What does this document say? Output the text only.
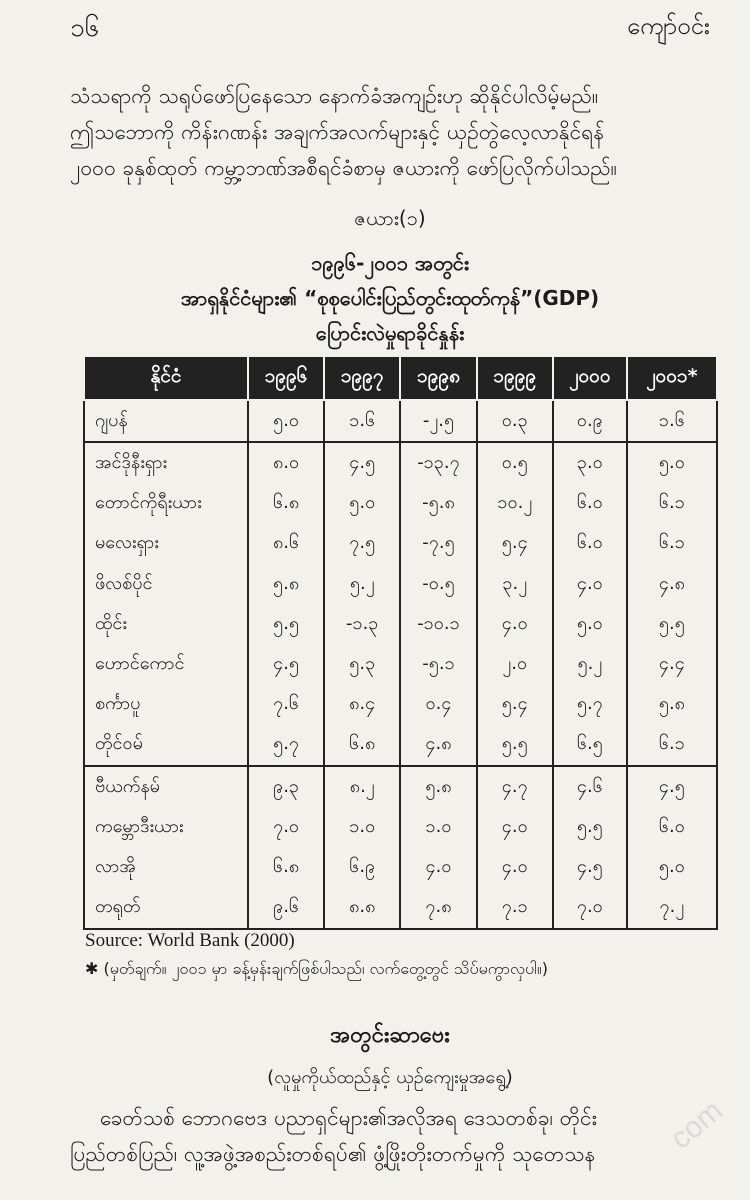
၁၆	ကျော်ဝင်း

သံသရာကို သရုပ်ဖော်ပြနေသော နောက်ခံအကျဉ်းဟု ဆိုနိုင်ပါလိမ့်မည်။

ဤသဘောကို ကိန်းဂဏန်း အချက်အလက်များနှင့် ယှဉ်တွဲလေ့လာနိုင်ရန်

၂၀၀၀ ခုနှစ်ထုတ် ကမ္ဘာ့ဘဏ်အစီရင်ခံစာမှ ဇယားကို ဖော်ပြလိုက်ပါသည်။

ဇယား(၁)
၁၉၉၆-၂၀၀၁ အတွင်း
အာရှနိုင်ငံများ၏ “စုစုပေါင်းပြည်တွင်းထုတ်ကုန်”(GDP)
ပြောင်းလဲမှုရာခိုင်နှုန်း
နိုင်ငံ	၁၉၉၆	၁၉၉၇	၁၉၉၈	၁၉၉၉	၂၀၀၀	၂၀၀၁*
ဂျပန်	၅.၀	၁.၆	-၂.၅	၀.၃	၀.၉	၁.၆
အင်ဒိုနီးရှား	၈.၀	၄.၅	-၁၃.၇	၀.၅	၃.၀	၅.၀
တောင်ကိုရီးယား	၆.၈	၅.၀	-၅.၈	၁၀.၂	၆.၀	၆.၁
မလေးရှား	၈.၆	၇.၅	-၇.၅	၅.၄	၆.၀	၆.၁
ဖိလစ်ပိုင်	၅.၈	၅.၂	-၀.၅	၃.၂	၄.၀	၄.၈
ထိုင်း	၅.၅	-၁.၃	-၁၀.၁	၄.၀	၅.၀	၅.၅
ဟောင်ကောင်	၄.၅	၅.၃	-၅.၁	၂.၀	၅.၂	၄.၄
စင်္ကာပူ	၇.၆	၈.၄	၀.၄	၅.၄	၅.၇	၅.၈
တိုင်ဝမ်	၅.၇	၆.၈	၄.၈	၅.၅	၆.၅	၆.၁
ဗီယက်နမ်	၉.၃	၈.၂	၅.၈	၄.၇	၄.၆	၄.၅
ကမ္ဘောဒီးယား	၇.၀	၁.၀	၁.၀	၄.၀	၅.၅	၆.၀
လာအို	၆.၈	၆.၉	၄.၀	၄.၀	၄.၅	၅.၀
တရုတ်	၉.၆	၈.၈	၇.၈	၇.၁	၇.၀	၇.၂
Source: World Bank (2000)
✱ (မှတ်ချက်။ ၂၀၀၁ မှာ ခန့်မှန်းချက်ဖြစ်ပါသည်၊ လက်တွေ့တွင် သိပ်မကွာလှပါ။)
အတွင်းဆာဗေး
(လူမှုကိုယ်ထည်နှင့် ယှဉ်ကျေးမှုအရွေ့)

ခေတ်သစ် ဘောဂဗေဒ ပညာရှင်များ၏အလိုအရ ဒေသတစ်ခု၊ တိုင်း

ပြည်တစ်ပြည်၊ လူ့အဖွဲ့အစည်းတစ်ရပ်၏ ဖွံ့ဖြိုးတိုးတက်မှုကို သုတေသန	com
